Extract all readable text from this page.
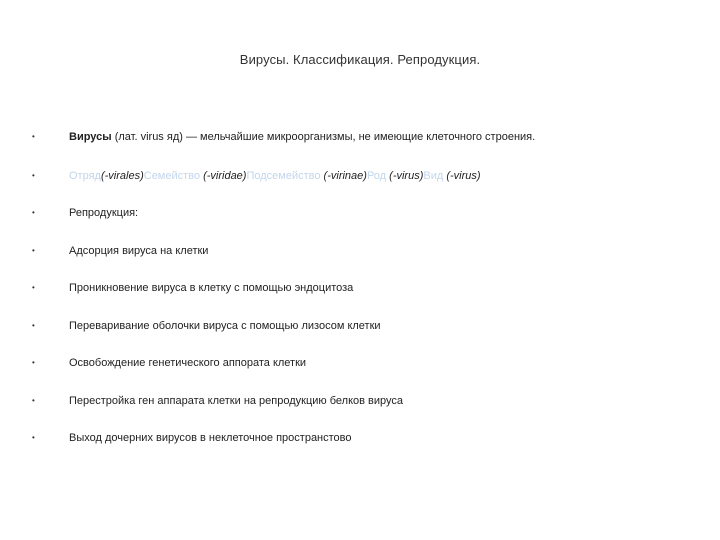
Вирусы. Классификация. Репродукция.
•	Вирусы (лат. virus яд) — мельчайшие микроорганизмы, не имеющие клеточного строения.
•	Отряд(-virales)Семейство (-viridae)Подсемейство (-virinae)Род (-virus)Вид (-virus)
•	Репродукция:
•	Адсорция вируса на клетки
•	Проникновение вируса в клетку с помощью эндоцитоза
•	Переваривание оболочки вируса с помощью лизосом клетки
•	Освобождение генетического аппората клетки
•	Перестройка ген аппарата клетки на репродукцию белков вируса
•	Выход дочерних вирусов в неклеточное пространстово
